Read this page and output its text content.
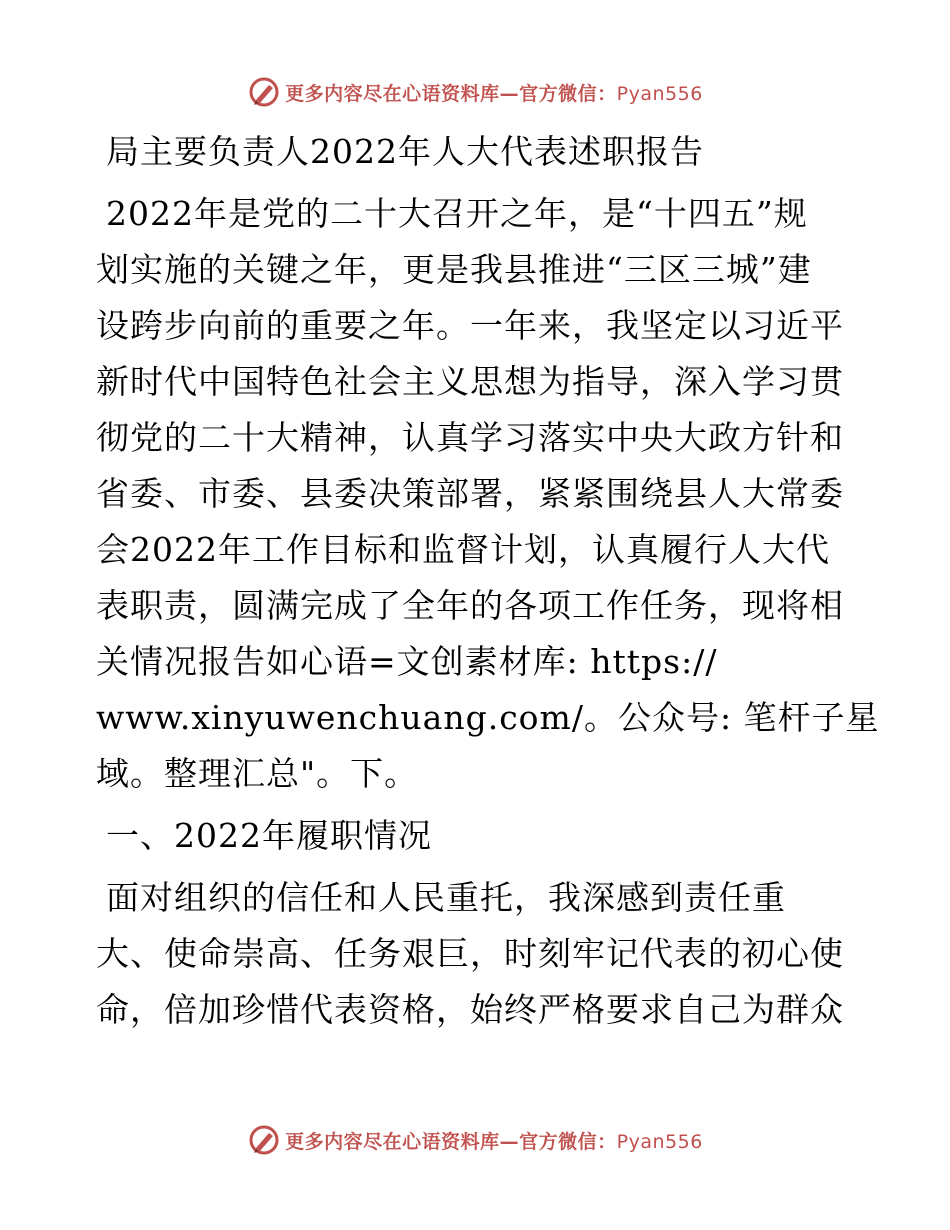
更多内容尽在心语资料库—官方微信：Pyan556
局主要负责人2022年人大代表述职报告
2022年是党的二十大召开之年，是“十四五”规
划实施的关键之年，更是我县推进“三区三城”建
设跨步向前的重要之年。一年来，我坚定以习近平
新时代中国特色社会主义思想为指导，深入学习贯
彻党的二十大精神，认真学习落实中央大政方针和
省委、市委、县委决策部署，紧紧围绕县人大常委
会2022年工作目标和监督计划，认真履行人大代
表职责，圆满完成了全年的各项工作任务，现将相
关情况报告如心语=文创素材库: https://
www.xinyuwenchuang.com/。公众号: 笔杆子星
域。整理汇总"。下。
一、2022年履职情况
面对组织的信任和人民重托，我深感到责任重
大、使命崇高、任务艰巨，时刻牢记代表的初心使
命，倍加珍惜代表资格，始终严格要求自己为群众
更多内容尽在心语资料库—官方微信：Pyan556
